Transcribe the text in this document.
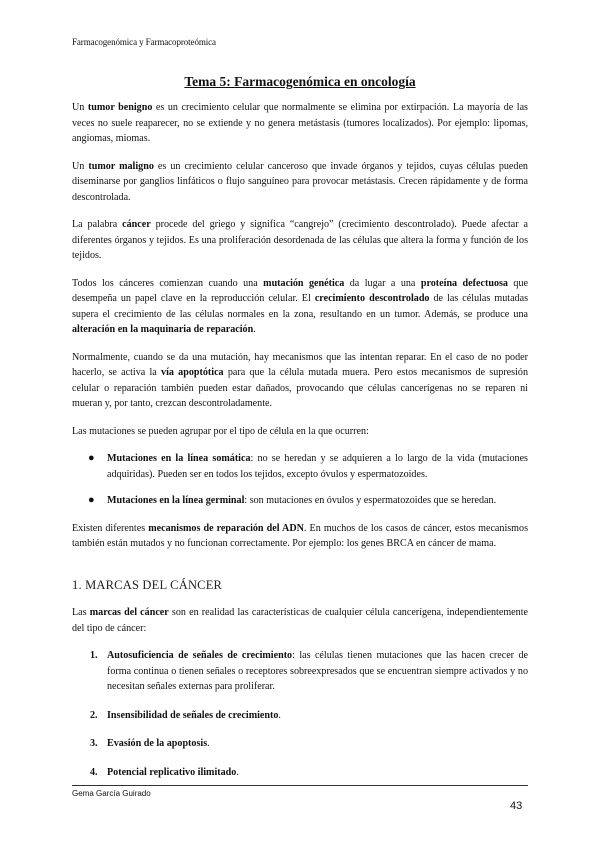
Farmacogenómica y Farmacoproteómica
Tema 5: Farmacogenómica en oncología

Un tumor benigno es un crecimiento celular que normalmente se elimina por extirpación. La mayoría de las veces no suele reaparecer, no se extiende y no genera metástasis (tumores localizados). Por ejemplo: lipomas, angiomas, miomas.

Un tumor maligno es un crecimiento celular canceroso que invade órganos y tejidos, cuyas células pueden diseminarse por ganglios linfáticos o flujo sanguíneo para provocar metástasis. Crecen rápidamente y de forma descontrolada.

La palabra cáncer procede del griego y significa “cangrejo” (crecimiento descontrolado). Puede afectar a diferentes órganos y tejidos. Es una proliferación desordenada de las células que altera la forma y función de los tejidos.

Todos los cánceres comienzan cuando una mutación genética da lugar a una proteína defectuosa que desempeña un papel clave en la reproducción celular. El crecimiento descontrolado de las células mutadas supera el crecimiento de las células normales en la zona, resultando en un tumor. Además, se produce una alteración en la maquinaria de reparación.

Normalmente, cuando se da una mutación, hay mecanismos que las intentan reparar. En el caso de no poder hacerlo, se activa la vía apoptótica para que la célula mutada muera. Pero estos mecanismos de supresión celular o reparación también pueden estar dañados, provocando que células cancerígenas no se reparen ni mueran y, por tanto, crezcan descontroladamente.

Las mutaciones se pueden agrupar por el tipo de célula en la que ocurren:

● Mutaciones en la línea somática: no se heredan y se adquieren a lo largo de la vida (mutaciones adquiridas). Pueden ser en todos los tejidos, excepto óvulos y espermatozoides.
● Mutaciones en la línea germinal: son mutaciones en óvulos y espermatozoides que se heredan.

Existen diferentes mecanismos de reparación del ADN. En muchos de los casos de cáncer, estos mecanismos también están mutados y no funcionan correctamente. Por ejemplo: los genes BRCA en cáncer de mama.

1. MARCAS DEL CÁNCER

Las marcas del cáncer son en realidad las características de cualquier célula cancerígena, independientemente del tipo de cáncer:

1. Autosuficiencia de señales de crecimiento: las células tienen mutaciones que las hacen crecer de forma continua o tienen señales o receptores sobreexpresados que se encuentran siempre activados y no necesitan señales externas para proliferar.
2. Insensibilidad de señales de crecimiento.
3. Evasión de la apoptosis.
4. Potencial replicativo ilimitado.
Gema García Guirado
43
